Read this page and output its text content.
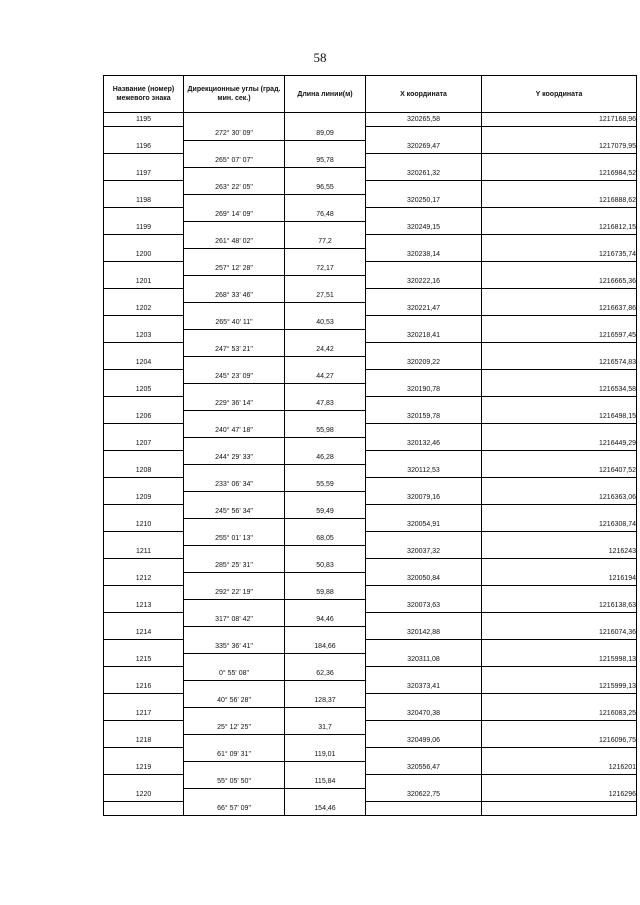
58
Название (номер) межевого знака	Дирекционные углы (град. мин. сек.)	Длина линии(м)	X координата	Y координата
1195			320265,58	1217168,96
	272° 30' 09"	89,09		
1196			320269,47	1217079,95
	265° 07' 07"	95,78		
1197			320261,32	1216984,52
	263° 22' 05"	96,55		
1198			320250,17	1216888,62
	269° 14' 09"	76,48		
1199			320249,15	1216812,15
	261° 48' 02"	77,2		
1200			320238,14	1216735,74
	257° 12' 28"	72,17		
1201			320222,16	1216665,36
	268° 33' 46"	27,51		
1202			320221,47	1216637,86
	265° 40' 11"	40,53		
1203			320218,41	1216597,45
	247° 53' 21"	24,42		
1204			320209,22	1216574,83
	245° 23' 09"	44,27		
1205			320190,78	1216534,58
	229° 36' 14"	47,83		
1206			320159,78	1216498,15
	240° 47' 18"	55,98		
1207			320132,46	1216449,29
	244° 29' 33"	46,28		
1208			320112,53	1216407,52
	233° 06' 34"	55,59		
1209			320079,16	1216363,06
	245° 56' 34"	59,49		
1210			320054,91	1216308,74
	255° 01' 13"	68,05		
1211			320037,32	1216243
	285° 25' 31"	50,83		
1212			320050,84	1216194
	292° 22' 19"	59,88		
1213			320073,63	1216138,63
	317° 08' 42"	94,46		
1214			320142,88	1216074,36
	335° 36' 41"	184,66		
1215			320311,08	1215998,13
	0° 55' 08"	62,36		
1216			320373,41	1215999,13
	40° 56' 28"	128,37		
1217			320470,38	1216083,25
	25° 12' 25"	31,7		
1218			320499,06	1216096,75
	61° 09' 31"	119,01		
1219			320556,47	1216201
	55° 05' 50"	115,84		
1220			320622,75	1216296
	66° 57' 09"	154,46		
